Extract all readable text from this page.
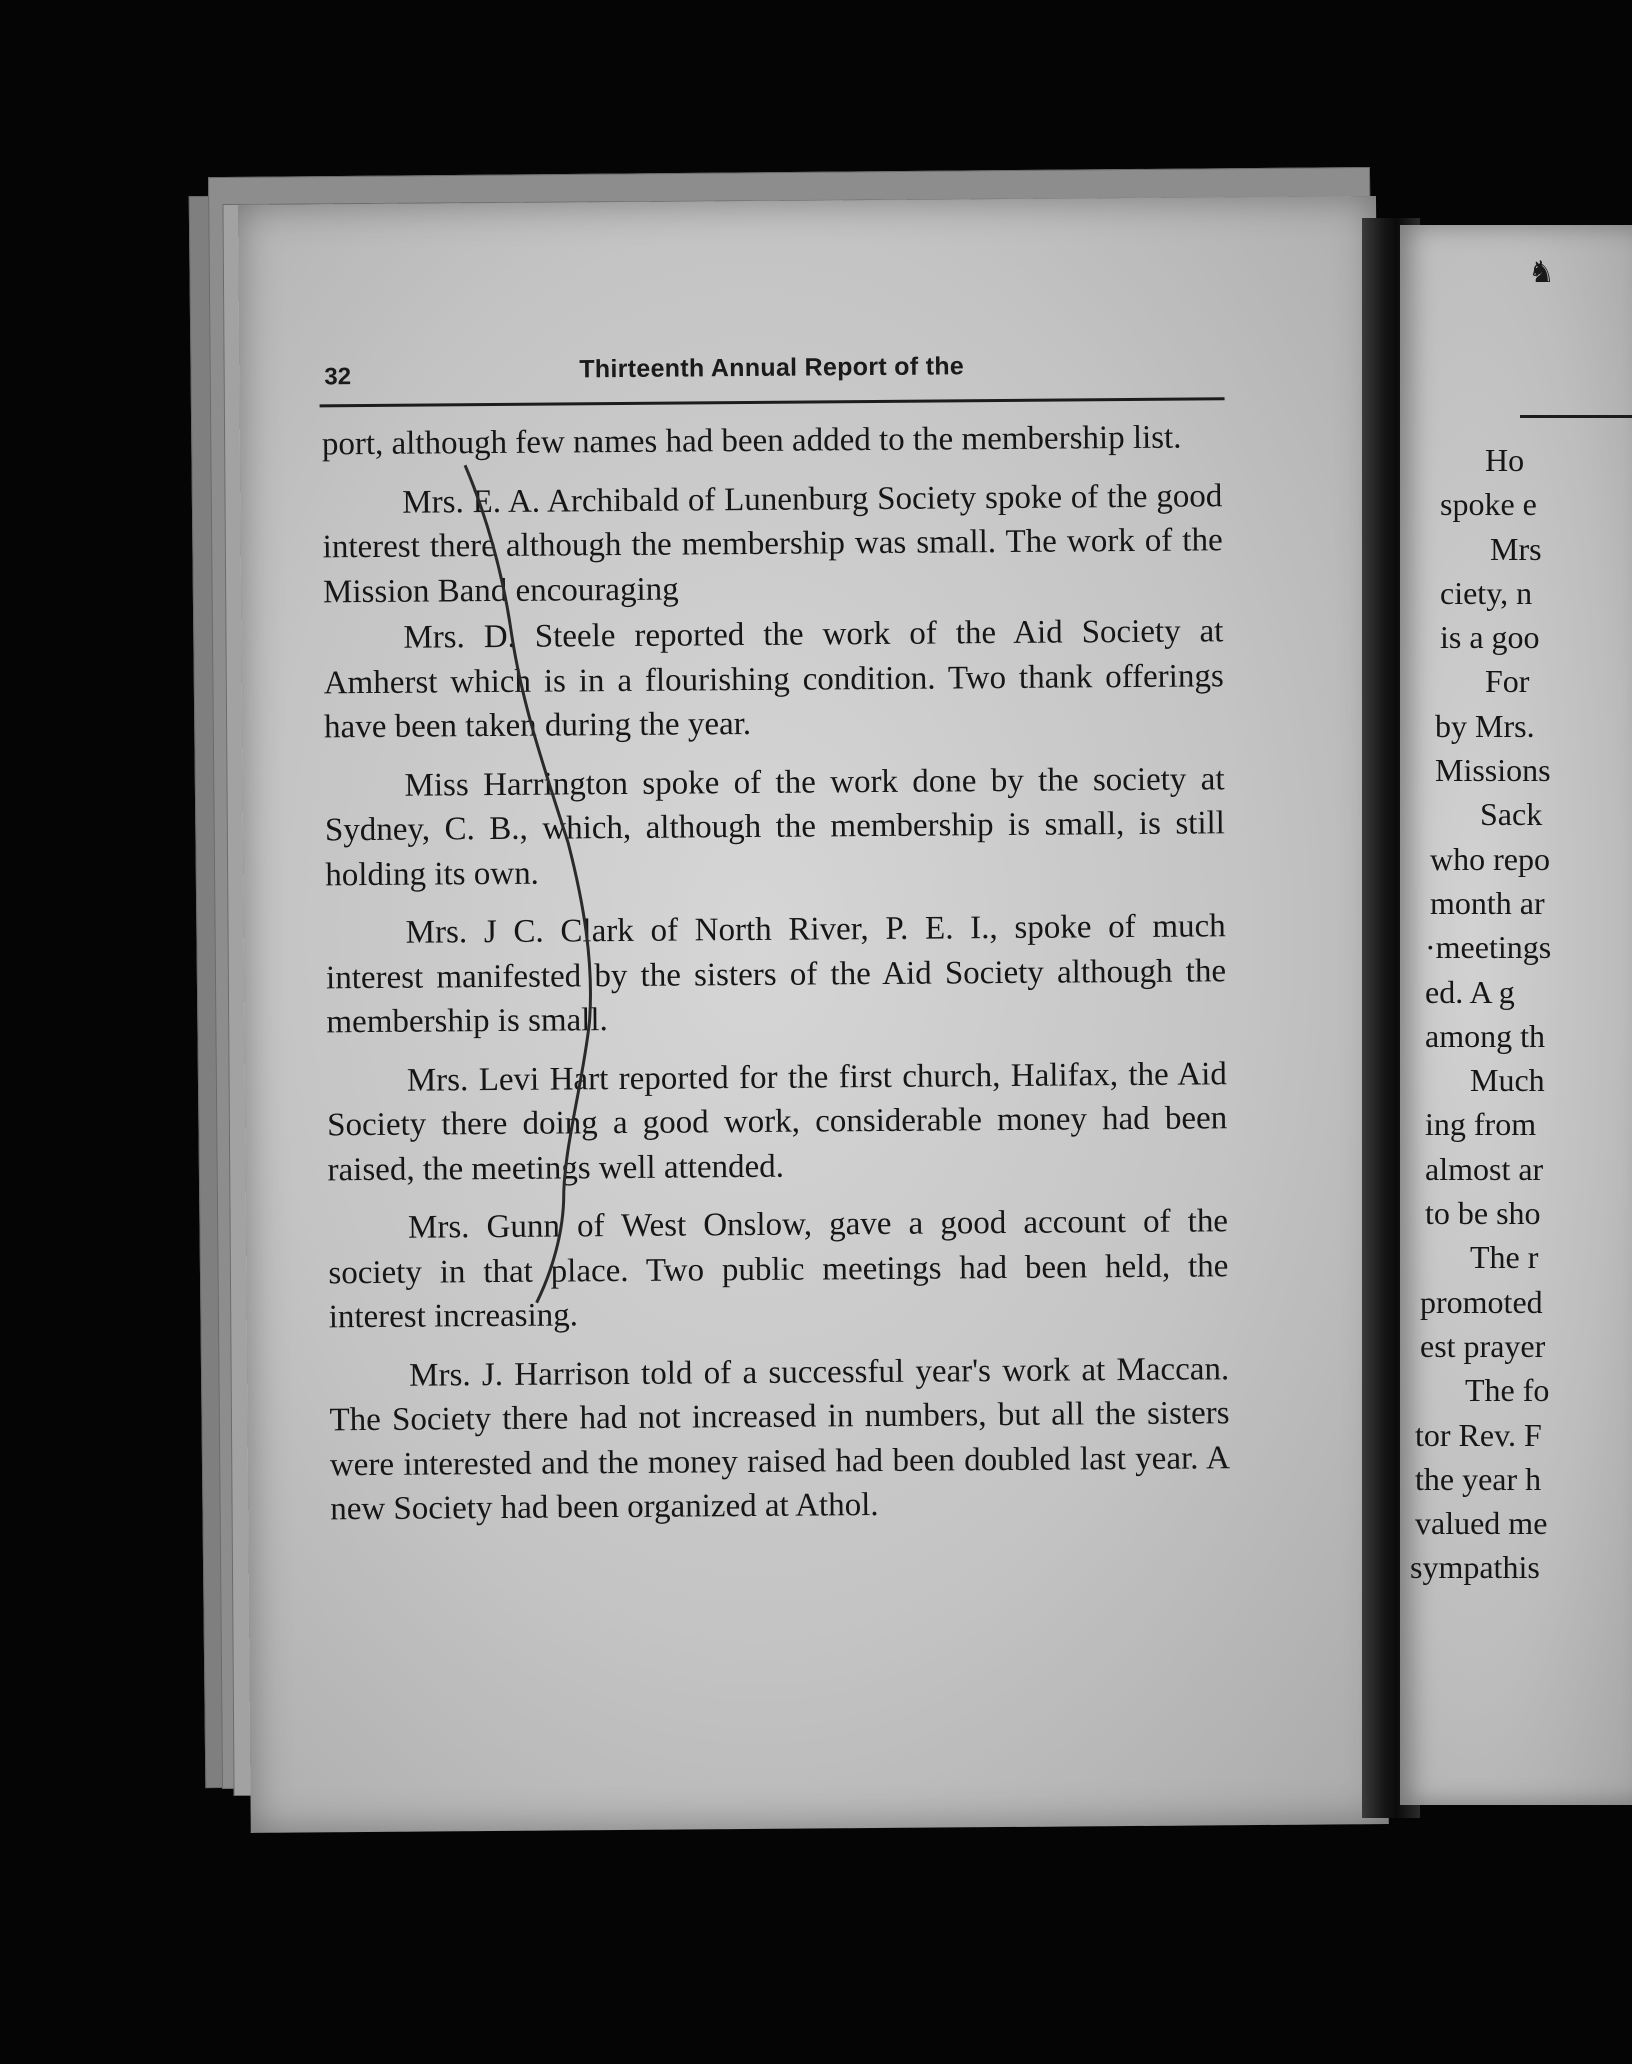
32	Thirteenth Annual Report of the

port, although few names had been added to the membership list.

Mrs. E. A. Archibald of Lunenburg Society spoke of the good interest there although the membership was small. The work of the Mission Band encouraging

Mrs. D. Steele reported the work of the Aid Society at Amherst which is in a flourishing condition. Two thank offerings have been taken during the year.

Miss Harrington spoke of the work done by the society at Sydney, C. B., which, although the membership is small, is still holding its own.

Mrs. J C. Clark of North River, P. E. I., spoke of much interest manifested by the sisters of the Aid Society although the membership is small.

Mrs. Levi Hart reported for the first church, Halifax, the Aid Society there doing a good work, considerable money had been raised, the meetings well attended.

Mrs. Gunn of West Onslow, gave a good account of the society in that place. Two public meetings had been held, the interest increasing.

Mrs. J. Harrison told of a successful year's work at Maccan. The Society there had not increased in numbers, but all the sisters were interested and the money raised had been doubled last year. A new Society had been organized at Athol.

♞
Ho
spoke e
Mrs
ciety, n
is a goo
For
by Mrs.
Missions
Sack
who repo
month ar
·meetings
ed. A g
among th
Much
ing from
almost ar
to be sho
The r
promoted
est prayer
The fo
tor Rev. F
the year h
valued me
sympathis
